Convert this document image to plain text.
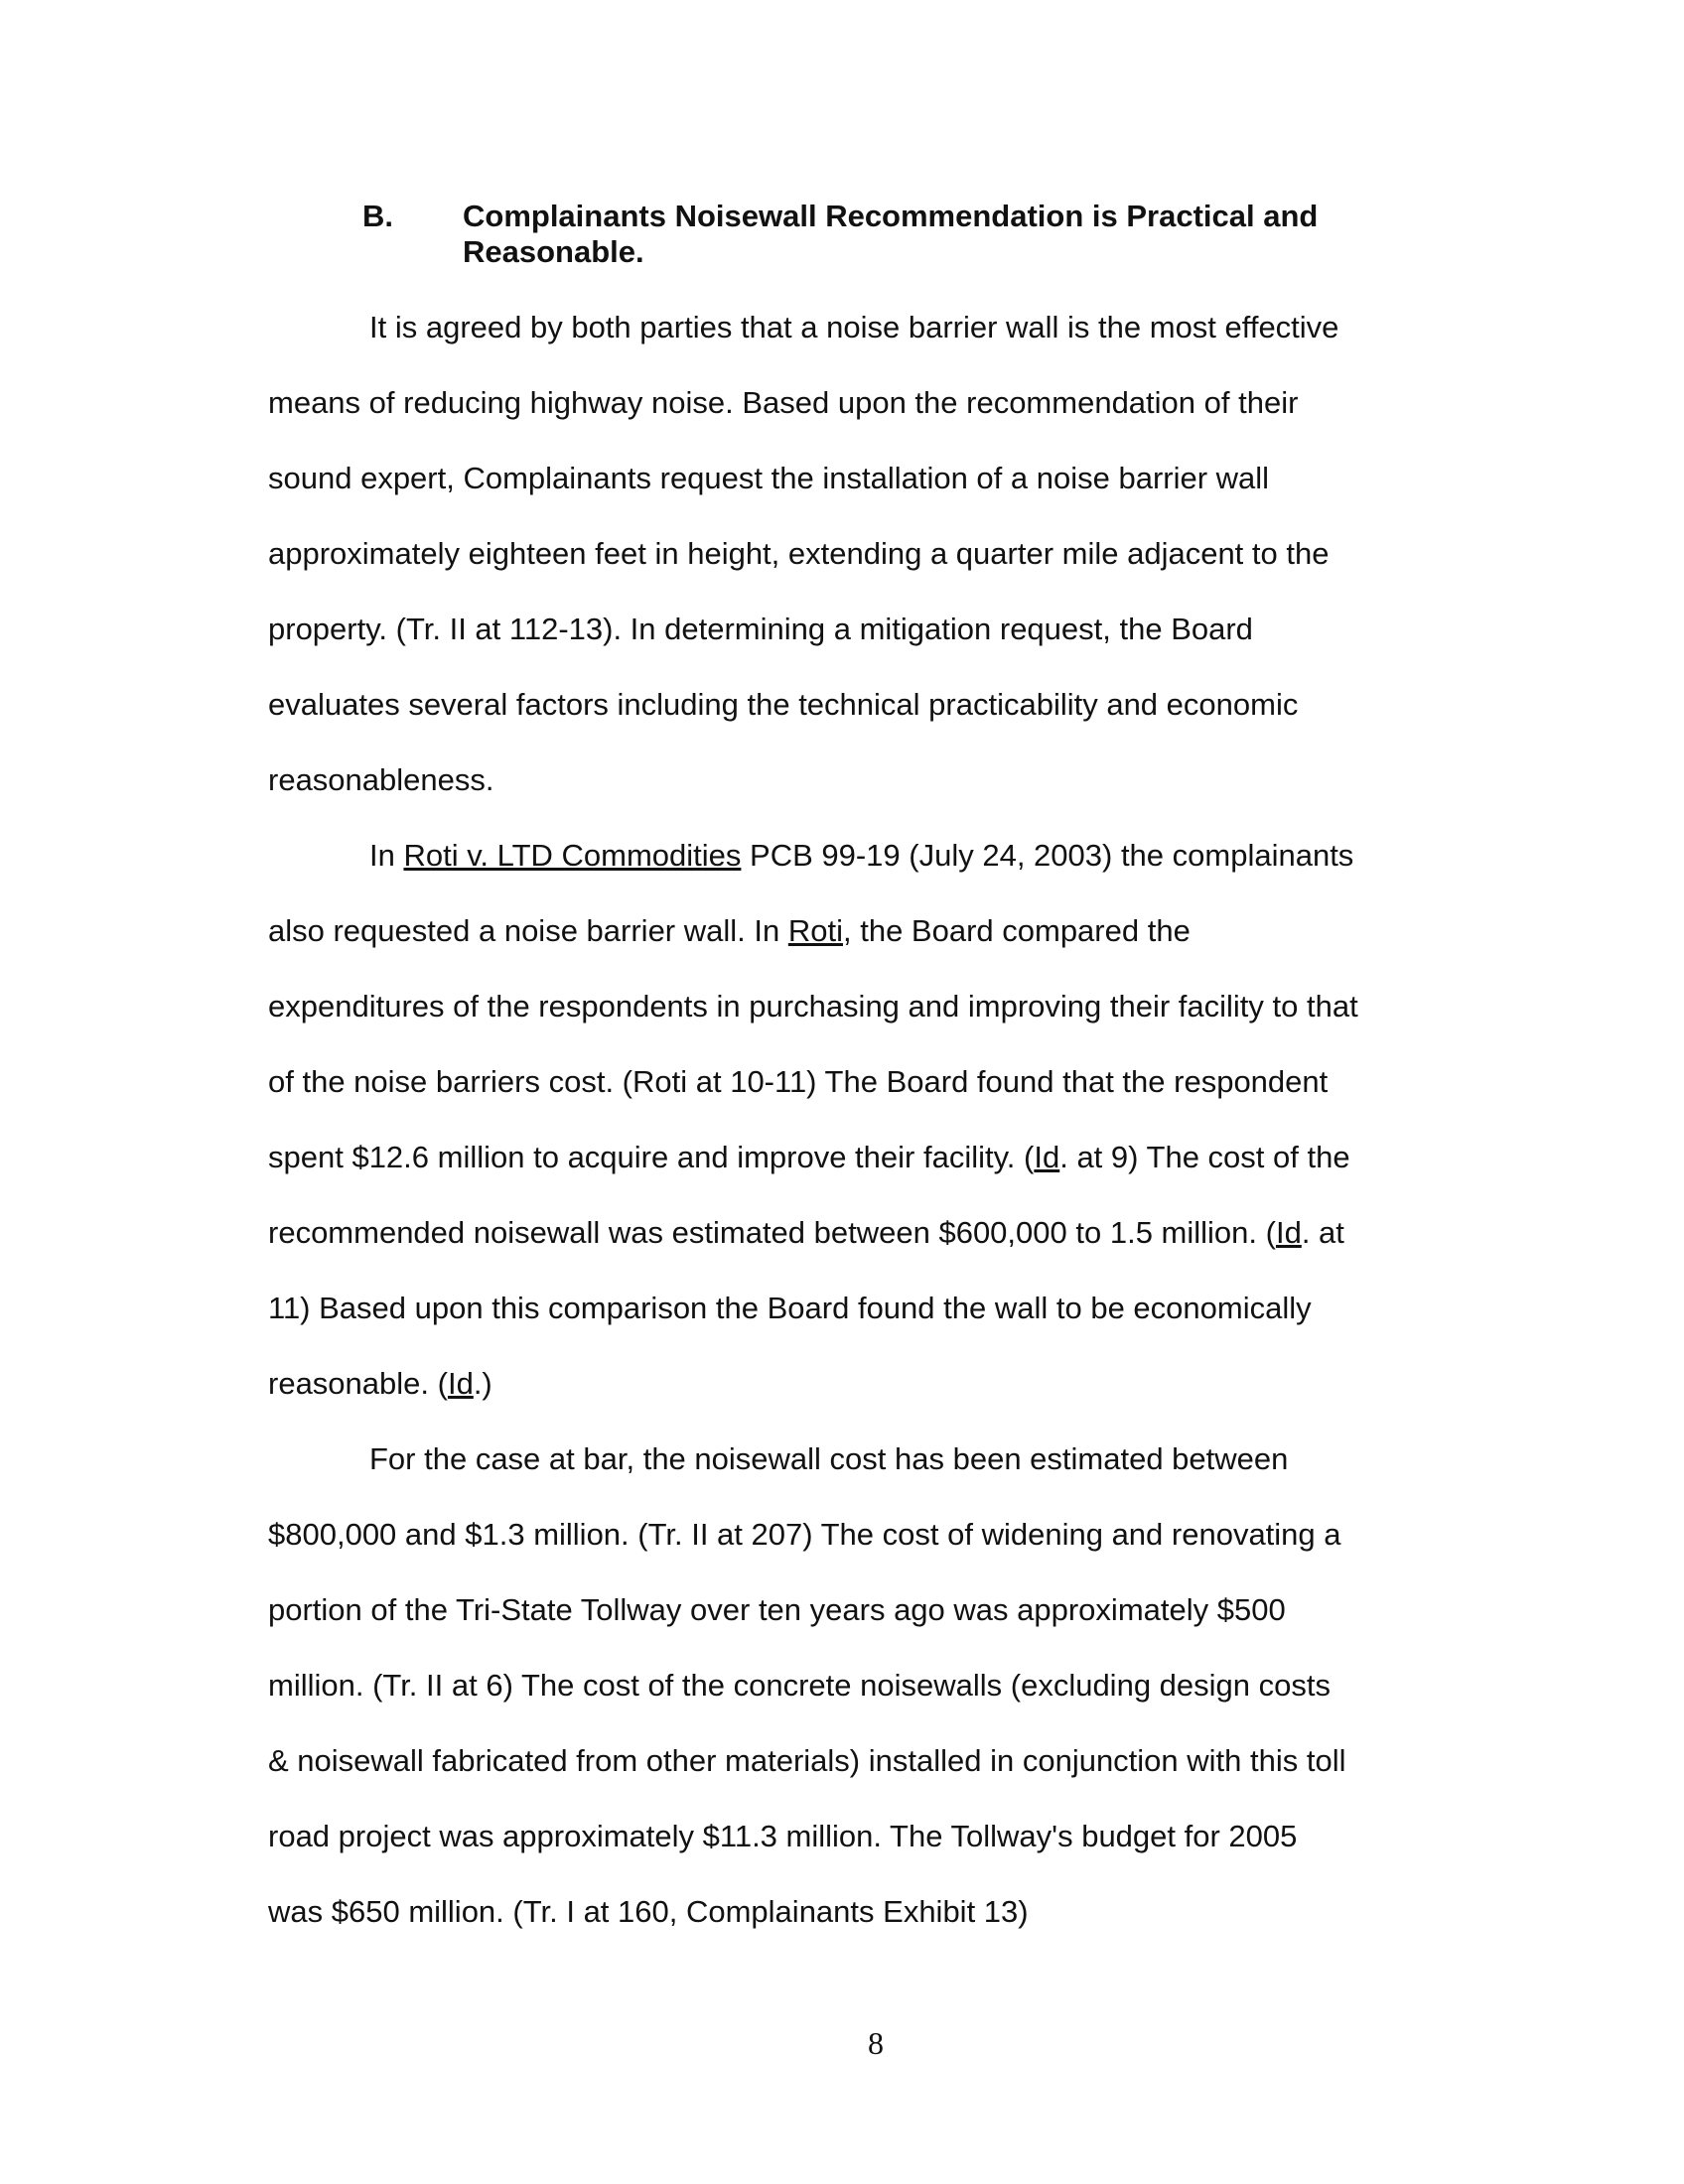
B. Complainants Noisewall Recommendation is Practical and
Reasonable.
It is agreed by both parties that a noise barrier wall is the most effective
means of reducing highway noise. Based upon the recommendation of their
sound expert, Complainants request the installation of a noise barrier wall
approximately eighteen feet in height, extending a quarter mile adjacent to the
property. (Tr. II at 112-13). In determining a mitigation request, the Board
evaluates several factors including the technical practicability and economic
reasonableness.
In Roti v. LTD Commodities PCB 99-19 (July 24, 2003) the complainants
also requested a noise barrier wall. In Roti, the Board compared the
expenditures of the respondents in purchasing and improving their facility to that
of the noise barriers cost. (Roti at 10-11) The Board found that the respondent
spent $12.6 million to acquire and improve their facility. (Id. at 9) The cost of the
recommended noisewall was estimated between $600,000 to 1.5 million. (Id. at
11) Based upon this comparison the Board found the wall to be economically
reasonable. (Id.)
For the case at bar, the noisewall cost has been estimated between
$800,000 and $1.3 million. (Tr. II at 207) The cost of widening and renovating a
portion of the Tri-State Tollway over ten years ago was approximately $500
million. (Tr. II at 6) The cost of the concrete noisewalls (excluding design costs
& noisewall fabricated from other materials) installed in conjunction with this toll
road project was approximately $11.3 million. The Tollway's budget for 2005
was $650 million. (Tr. I at 160, Complainants Exhibit 13)
8
